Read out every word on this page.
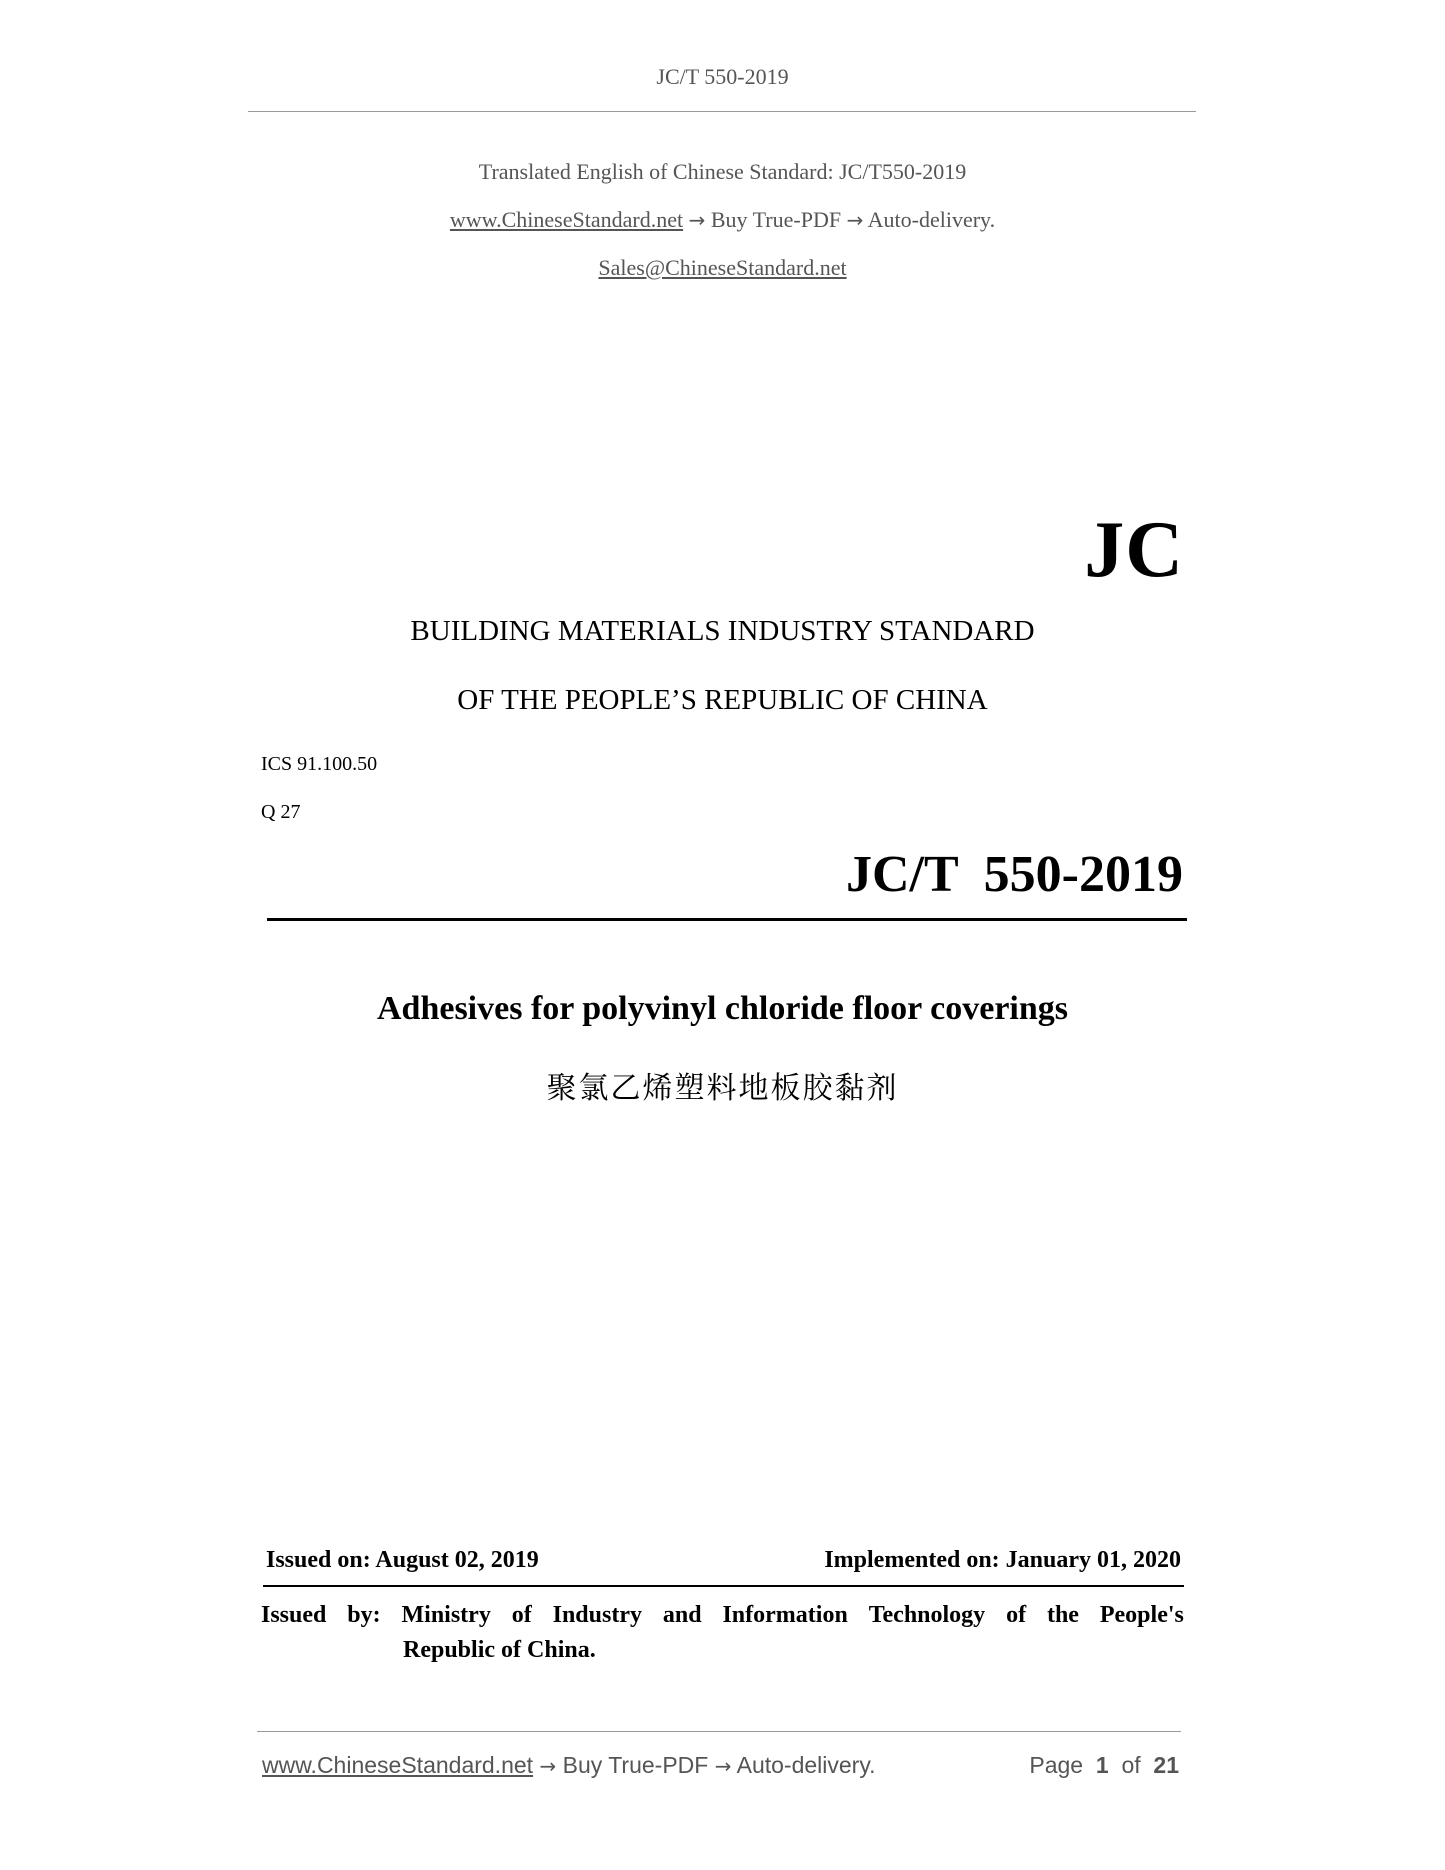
JC/T 550-2019
Translated English of Chinese Standard: JC/T550-2019
www.ChineseStandard.net → Buy True-PDF → Auto-delivery.
Sales@ChineseStandard.net
JC
BUILDING MATERIALS INDUSTRY STANDARD
OF THE PEOPLE’S REPUBLIC OF CHINA
ICS 91.100.50
Q 27
JC/T  550-2019
Adhesives for polyvinyl chloride floor coverings
聚氯乙烯塑料地板胶黏剂
Issued on: August 02, 2019	Implemented on: January 01, 2020
Issued by: Ministry of Industry and Information Technology of the People's
Republic of China.
www.ChineseStandard.net → Buy True-PDF → Auto-delivery.	Page 1 of 21
